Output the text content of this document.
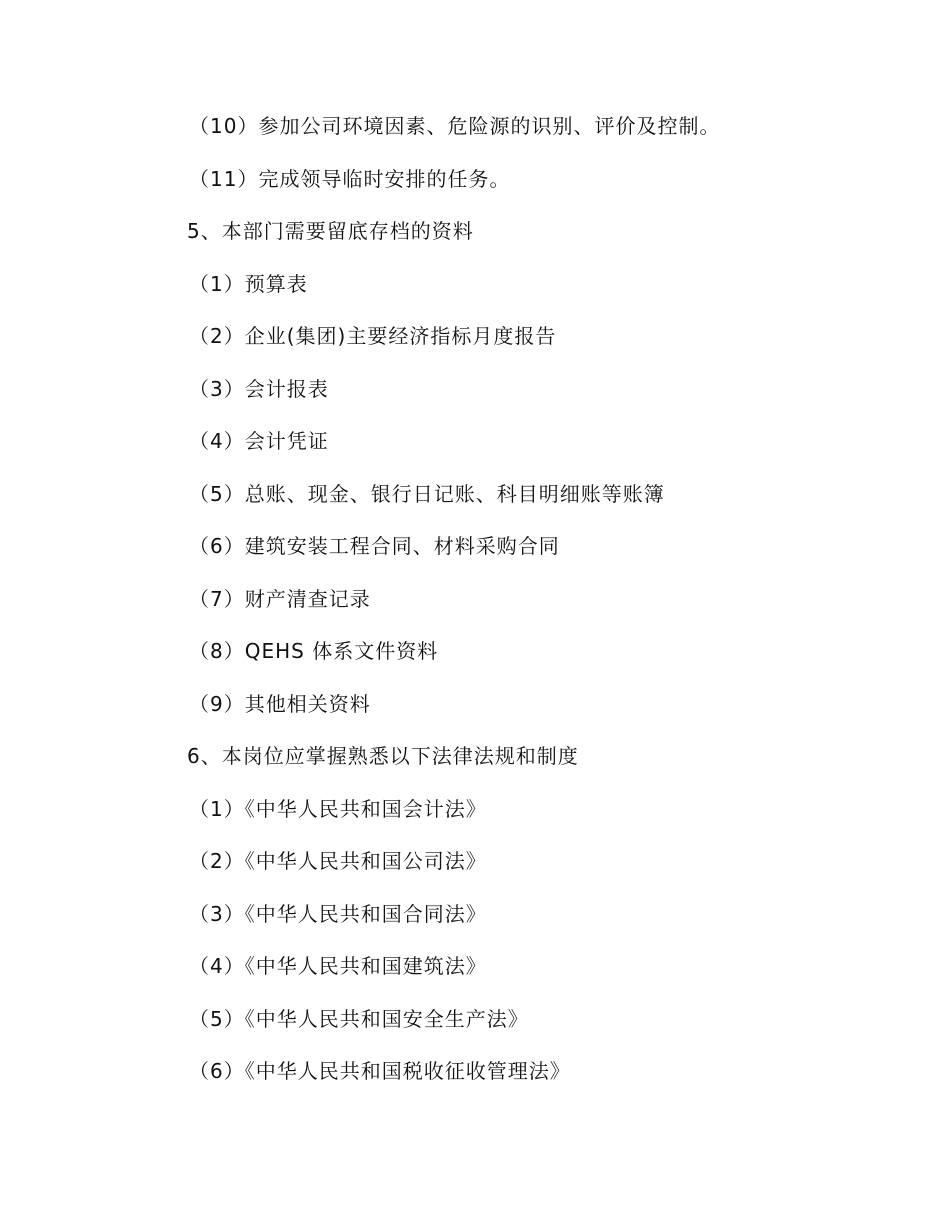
（10）参加公司环境因素、危险源的识别、评价及控制。
（11）完成领导临时安排的任务。
5、本部门需要留底存档的资料
（1）预算表
（2）企业(集团)主要经济指标月度报告
（3）会计报表
（4）会计凭证
（5）总账、现金、银行日记账、科目明细账等账簿
（6）建筑安装工程合同、材料采购合同
（7）财产清查记录
（8）QEHS 体系文件资料
（9）其他相关资料
6、本岗位应掌握熟悉以下法律法规和制度
（1）《中华人民共和国会计法》
（2）《中华人民共和国公司法》
（3）《中华人民共和国合同法》
（4）《中华人民共和国建筑法》
（5）《中华人民共和国安全生产法》
（6）《中华人民共和国税收征收管理法》
